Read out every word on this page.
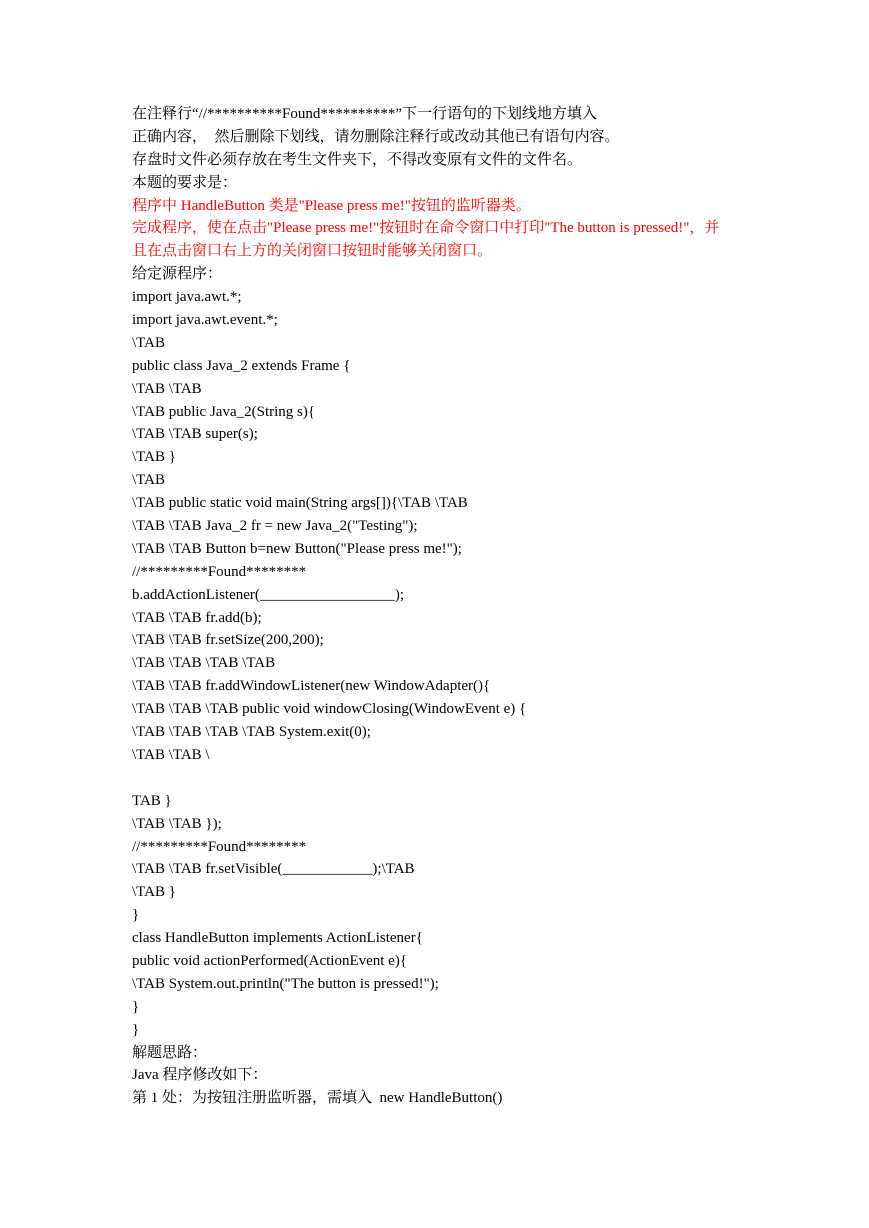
在注释行“//**********Found**********”下一行语句的下划线地方填入
正确内容，  然后删除下划线，请勿删除注释行或改动其他已有语句内容。
存盘时文件必须存放在考生文件夹下，不得改变原有文件的文件名。
本题的要求是：
程序中 HandleButton 类是"Please press me!"按钮的监听器类。
完成程序，使在点击"Please press me!"按钮时在命令窗口中打印"The button is pressed!"，并
且在点击窗口右上方的关闭窗口按钮时能够关闭窗口。
给定源程序：
import java.awt.*;
import java.awt.event.*;
\TAB
public class Java_2 extends Frame {
\TAB \TAB
\TAB public Java_2(String s){
\TAB \TAB super(s);
\TAB }
\TAB
\TAB public static void main(String args[]){\TAB \TAB
\TAB \TAB Java_2 fr = new Java_2("Testing");
\TAB \TAB Button b=new Button("Please press me!");
//*********Found********
b.addActionListener(__________________);
\TAB \TAB fr.add(b);
\TAB \TAB fr.setSize(200,200);
\TAB \TAB \TAB \TAB
\TAB \TAB fr.addWindowListener(new WindowAdapter(){
\TAB \TAB \TAB public void windowClosing(WindowEvent e) {
\TAB \TAB \TAB \TAB System.exit(0);
\TAB \TAB \
TAB }
\TAB \TAB });
//*********Found********
\TAB \TAB fr.setVisible(____________);\TAB
\TAB }
}
class HandleButton implements ActionListener{
public void actionPerformed(ActionEvent e){
\TAB System.out.println("The button is pressed!");
}
}
解题思路：
Java 程序修改如下：
第 1 处：为按钮注册监听器，需填入  new HandleButton()
